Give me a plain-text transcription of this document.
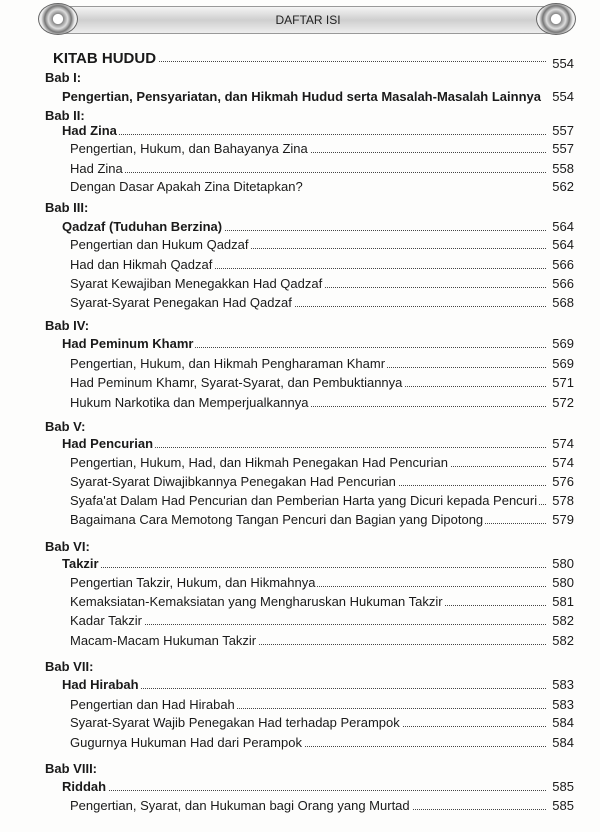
DAFTAR ISI
KITAB HUDUD	554
Bab I:
Pengertian, Pensyariatan, dan Hikmah Hudud serta Masalah-Masalah Lainnya 554
Bab II:
Had Zina	557
Pengertian, Hukum, dan Bahayanya Zina	557
Had Zina	558
Dengan Dasar Apakah Zina Ditetapkan?	562
Bab III:
Qadzaf (Tuduhan Berzina)	564
Pengertian dan Hukum Qadzaf	564
Had dan Hikmah Qadzaf	566
Syarat Kewajiban Menegakkan Had Qadzaf	566
Syarat-Syarat Penegakan Had Qadzaf	568
Bab IV:
Had Peminum Khamr	569
Pengertian, Hukum, dan Hikmah Pengharaman Khamr	569
Had Peminum Khamr, Syarat-Syarat, dan Pembuktiannya	571
Hukum Narkotika dan Memperjualkannya	572
Bab V:
Had Pencurian	574
Pengertian, Hukum, Had, dan Hikmah Penegakan Had Pencurian	574
Syarat-Syarat Diwajibkannya Penegakan Had Pencurian	576
Syafa'at Dalam Had Pencurian dan Pemberian Harta yang Dicuri kepada Pencuri	578
Bagaimana Cara Memotong Tangan Pencuri dan Bagian yang Dipotong	579
Bab VI:
Takzir	580
Pengertian Takzir, Hukum, dan Hikmahnya	580
Kemaksiatan-Kemaksiatan yang Mengharuskan Hukuman Takzir	581
Kadar Takzir	582
Macam-Macam Hukuman Takzir	582
Bab VII:
Had Hirabah	583
Pengertian dan Had Hirabah	583
Syarat-Syarat Wajib Penegakan Had terhadap Perampok	584
Gugurnya Hukuman Had dari Perampok	584
Bab VIII:
Riddah	585
Pengertian, Syarat, dan Hukuman bagi Orang yang Murtad	585
